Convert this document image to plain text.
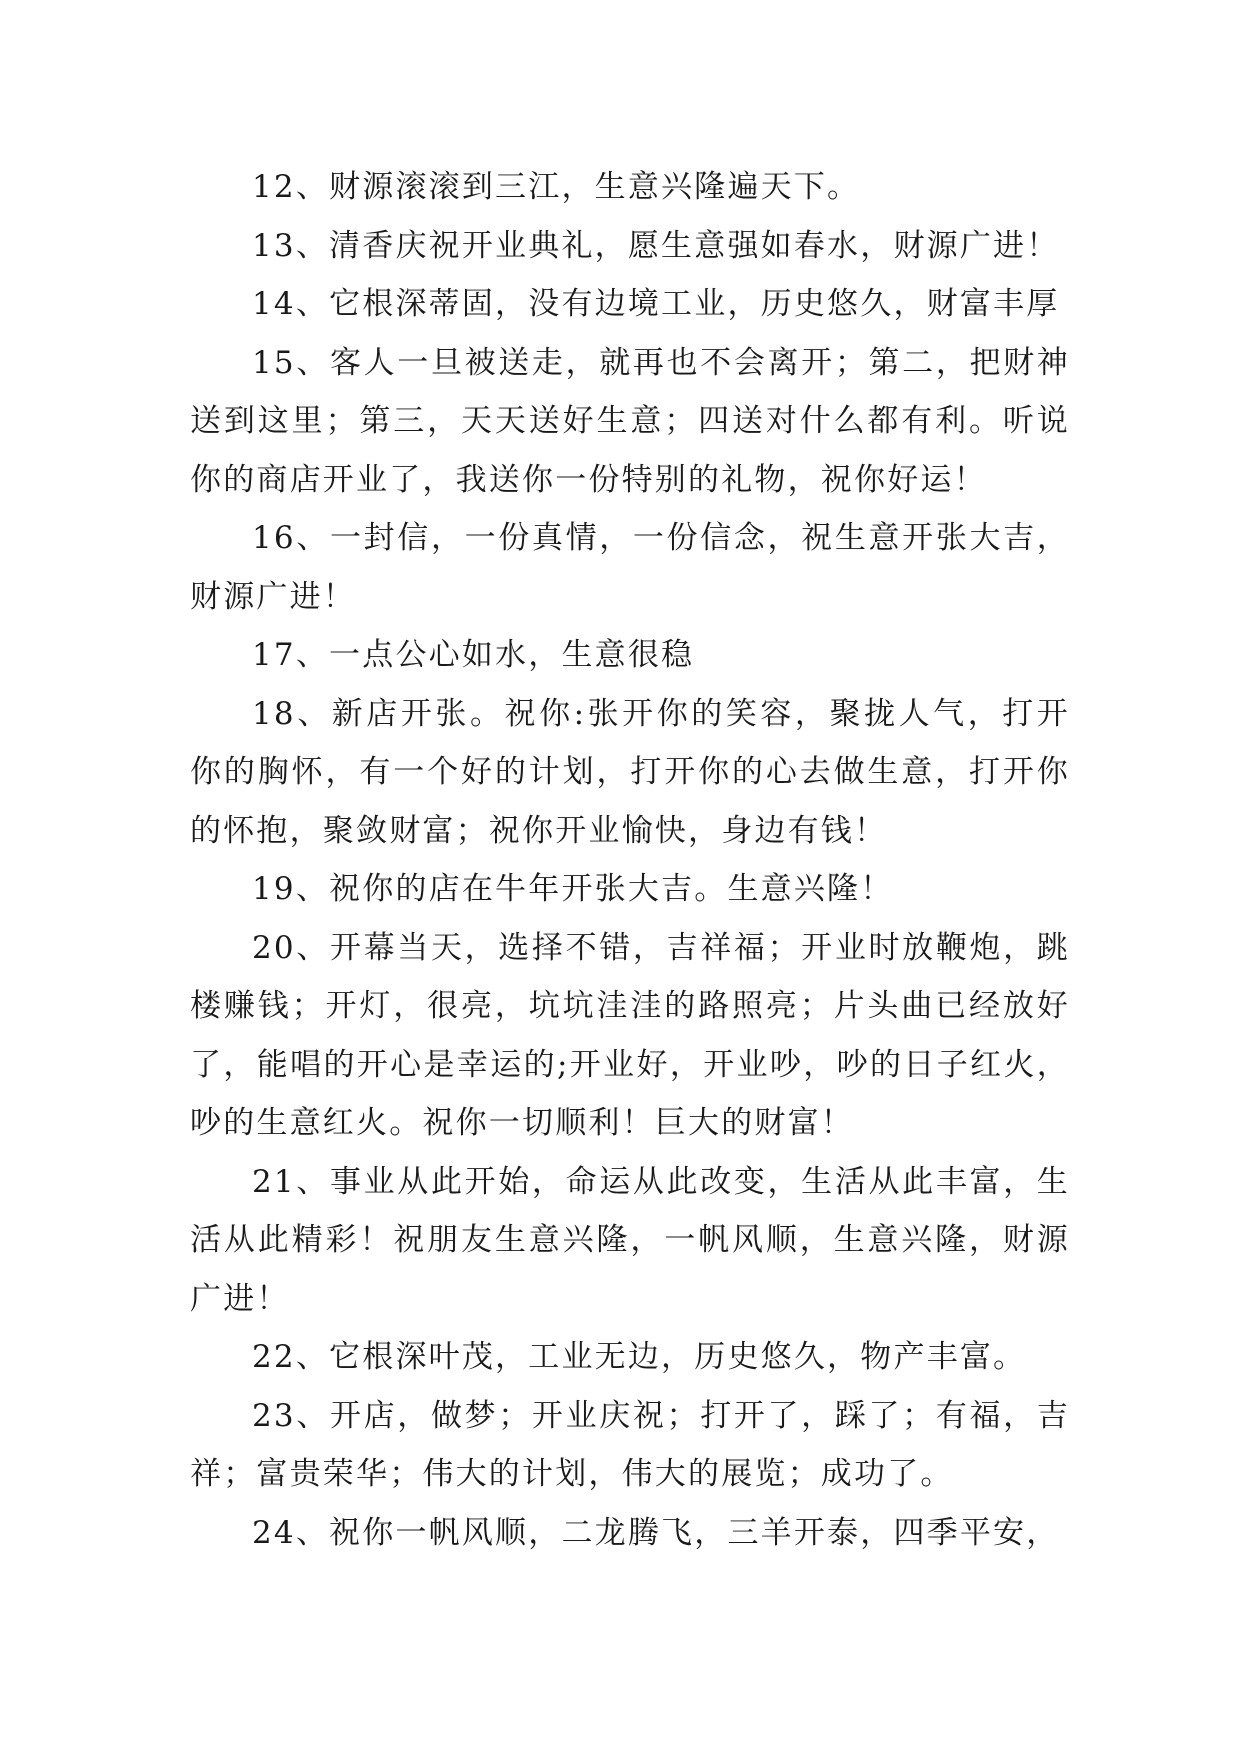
12、财源滚滚到三江，生意兴隆遍天下。

13、清香庆祝开业典礼，愿生意强如春水，财源广进！

14、它根深蒂固，没有边境工业，历史悠久，财富丰厚

15、客人一旦被送走，就再也不会离开；第二，把财神送到这里；第三，天天送好生意；四送对什么都有利。听说你的商店开业了，我送你一份特别的礼物，祝你好运！

16、一封信，一份真情，一份信念，祝生意开张大吉，财源广进！

17、一点公心如水，生意很稳

18、新店开张。祝你:张开你的笑容，聚拢人气，打开你的胸怀，有一个好的计划，打开你的心去做生意，打开你的怀抱，聚敛财富；祝你开业愉快，身边有钱！

19、祝你的店在牛年开张大吉。生意兴隆！

20、开幕当天，选择不错，吉祥福；开业时放鞭炮，跳楼赚钱；开灯，很亮，坑坑洼洼的路照亮；片头曲已经放好了，能唱的开心是幸运的;开业好，开业吵，吵的日子红火，吵的生意红火。祝你一切顺利！巨大的财富！

21、事业从此开始，命运从此改变，生活从此丰富，生活从此精彩！祝朋友生意兴隆，一帆风顺，生意兴隆，财源广进！

22、它根深叶茂，工业无边，历史悠久，物产丰富。

23、开店，做梦；开业庆祝；打开了，踩了；有福，吉祥；富贵荣华；伟大的计划，伟大的展览；成功了。

24、祝你一帆风顺，二龙腾飞，三羊开泰，四季平安，
